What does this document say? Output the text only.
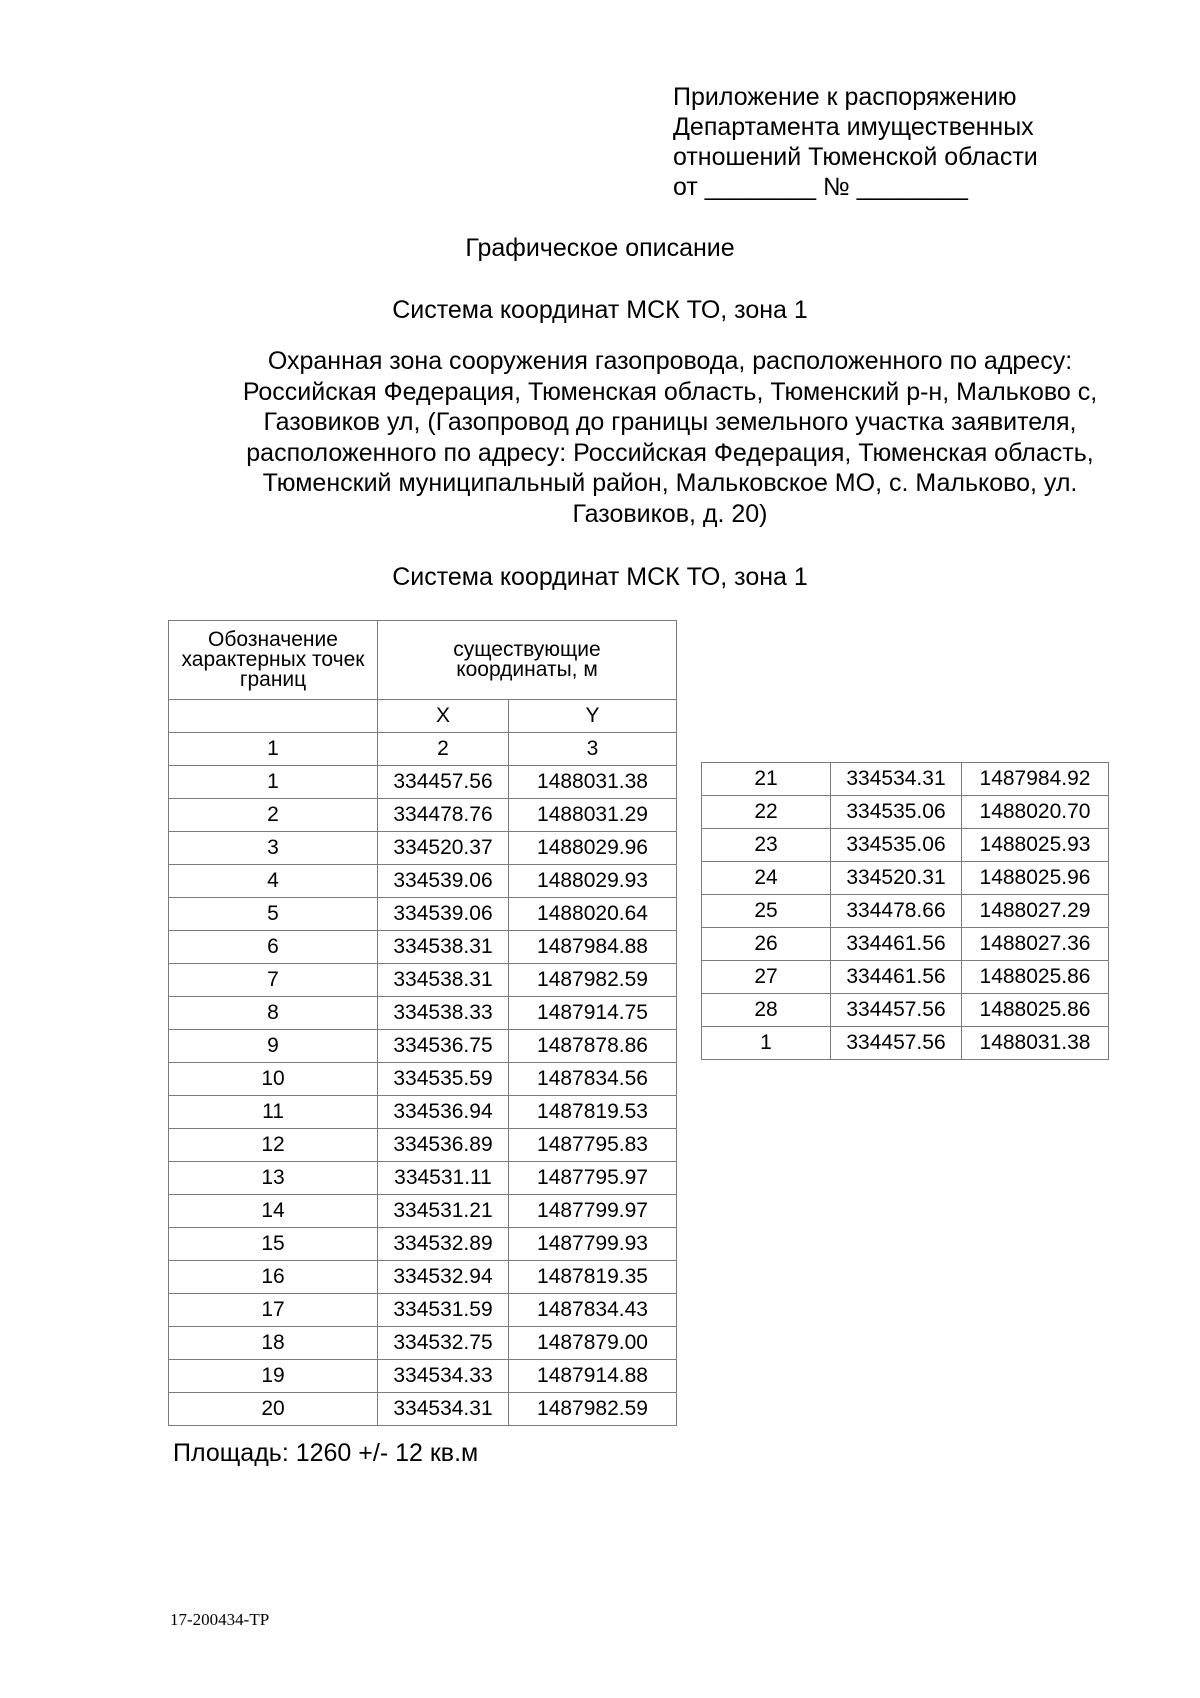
Приложение к распоряжению
Департамента имущественных
отношений Тюменской области
от ________ № ________
Графическое описание
Система координат МСК ТО, зона 1
Охранная зона сооружения газопровода, расположенного по адресу:
Российская Федерация, Тюменская область, Тюменский р-н, Мальково с,
Газовиков ул, (Газопровод до границы земельного участка заявителя,
расположенного по адресу: Российская Федерация, Тюменская область,
Тюменский муниципальный район, Мальковское МО, с. Мальково, ул.
Газовиков, д. 20)
Система координат МСК ТО, зона 1
Обозначение характерных точек границ	существующие координаты, м	
	X	Y
1	2	3
1	334457.56	1488031.38
2	334478.76	1488031.29
3	334520.37	1488029.96
4	334539.06	1488029.93
5	334539.06	1488020.64
6	334538.31	1487984.88
7	334538.31	1487982.59
8	334538.33	1487914.75
9	334536.75	1487878.86
10	334535.59	1487834.56
11	334536.94	1487819.53
12	334536.89	1487795.83
13	334531.11	1487795.97
14	334531.21	1487799.97
15	334532.89	1487799.93
16	334532.94	1487819.35
17	334531.59	1487834.43
18	334532.75	1487879.00
19	334534.33	1487914.88
20	334534.31	1487982.59
21	334534.31	1487984.92
22	334535.06	1488020.70
23	334535.06	1488025.93
24	334520.31	1488025.96
25	334478.66	1488027.29
26	334461.56	1488027.36
27	334461.56	1488025.86
28	334457.56	1488025.86
1	334457.56	1488031.38
Площадь: 1260 +/- 12 кв.м
17-200434-ТР
